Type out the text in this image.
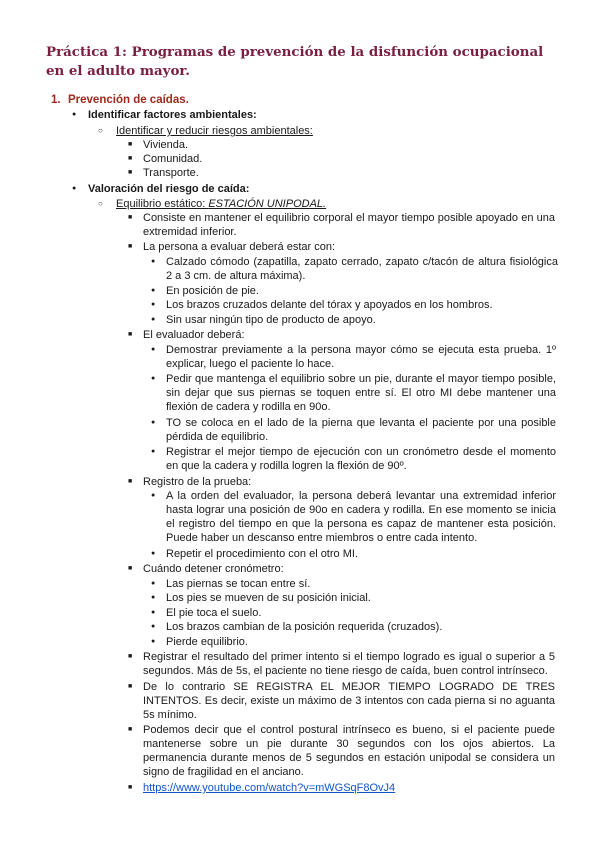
Práctica 1: Programas de prevención de la disfunción ocupacional en el adulto mayor.
1. Prevención de caídas.
●
Identificar factores ambientales:
○
Identificar y reducir riesgos ambientales:
■
Vivienda.
■
Comunidad.
■
Transporte.
●
Valoración del riesgo de caída:
○
Equilibrio estático: ESTACIÓN UNIPODAL.
■
Consiste en mantener el equilibrio corporal el mayor tiempo posible apoyado en una extremidad inferior.
■
La persona a evaluar deberá estar con:
●
Calzado cómodo (zapatilla, zapato cerrado, zapato c/tacón de altura fisiológica 2 a 3 cm. de altura máxima).
●
En posición de pie.
●
Los brazos cruzados delante del tórax y apoyados en los hombros.
●
Sin usar ningún tipo de producto de apoyo.
■
El evaluador deberá:
●
Demostrar previamente a la persona mayor cómo se ejecuta esta prueba. 1º explicar, luego el paciente lo hace.
●
Pedir que mantenga el equilibrio sobre un pie, durante el mayor tiempo posible, sin dejar que sus piernas se toquen entre sí. El otro MI debe mantener una flexión de cadera y rodilla en 90o.
●
TO se coloca en el lado de la pierna que levanta el paciente por una posible pérdida de equilibrio.
●
Registrar el mejor tiempo de ejecución con un cronómetro desde el momento en que la cadera y rodilla logren la flexión de 90º.
■
Registro de la prueba:
●
A la orden del evaluador, la persona deberá levantar una extremidad inferior hasta lograr una posición de 90o en cadera y rodilla. En ese momento se inicia el registro del tiempo en que la persona es capaz de mantener esta posición. Puede haber un descanso entre miembros o entre cada intento.
●
Repetir el procedimiento con el otro MI.
■
Cuándo detener cronómetro:
●
Las piernas se tocan entre sí.
●
Los pies se mueven de su posición inicial.
●
El pie toca el suelo.
●
Los brazos cambian de la posición requerida (cruzados).
●
Pierde equilibrio.
■
Registrar el resultado del primer intento si el tiempo logrado es igual o superior a 5 segundos. Más de 5s, el paciente no tiene riesgo de caída, buen control intrínseco.
■
De lo contrario SE REGISTRA EL MEJOR TIEMPO LOGRADO DE TRES INTENTOS. Es decir, existe un máximo de 3 intentos con cada pierna si no aguanta 5s mínimo.
■
Podemos decir que el control postural intrínseco es bueno, si el paciente puede mantenerse sobre un pie durante 30 segundos con los ojos abiertos. La permanencia durante menos de 5 segundos en estación unipodal se considera un signo de fragilidad en el anciano.
■
https://www.youtube.com/watch?v=mWGSqF8OvJ4
